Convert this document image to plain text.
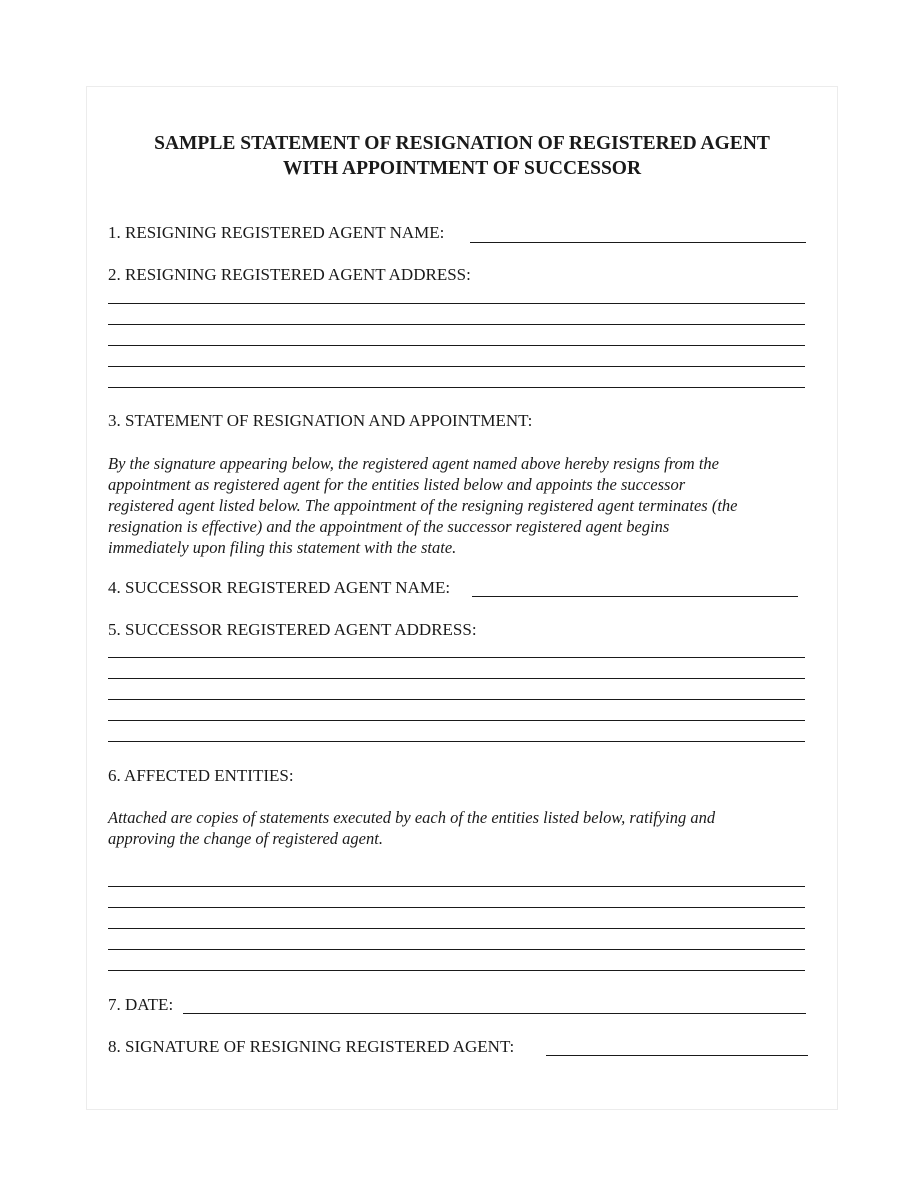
SAMPLE STATEMENT OF RESIGNATION OF REGISTERED AGENT
WITH APPOINTMENT OF SUCCESSOR
1. RESIGNING REGISTERED AGENT NAME:
2. RESIGNING REGISTERED AGENT ADDRESS:
3. STATEMENT OF RESIGNATION AND APPOINTMENT:
By the signature appearing below, the registered agent named above hereby resigns from the
appointment as registered agent for the entities listed below and appoints the successor
registered agent listed below. The appointment of the resigning registered agent terminates (the
resignation is effective) and the appointment of the successor registered agent begins
immediately upon filing this statement with the state.
4. SUCCESSOR REGISTERED AGENT NAME:
5. SUCCESSOR REGISTERED AGENT ADDRESS:
6. AFFECTED ENTITIES:
Attached are copies of statements executed by each of the entities listed below, ratifying and
approving the change of registered agent.
7. DATE:
8. SIGNATURE OF RESIGNING REGISTERED AGENT:
